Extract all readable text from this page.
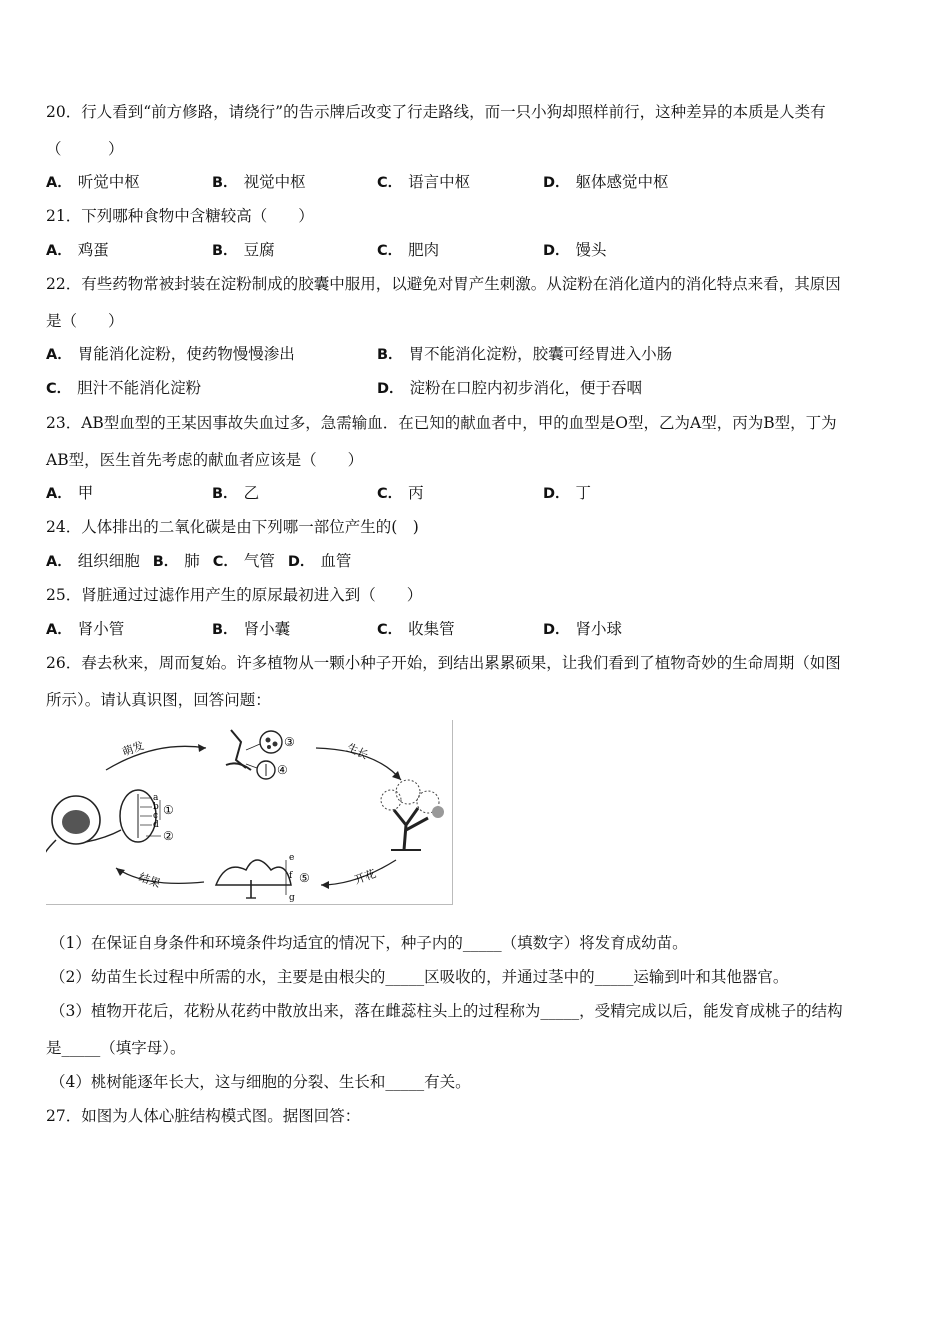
20．行人看到“前方修路，请绕行”的告示牌后改变了行走路线，而一只小狗却照样前行，这种差异的本质是人类有
（　　　）
A． 听觉中枢	B． 视觉中枢	C． 语言中枢	D． 躯体感觉中枢
21．下列哪种食物中含糖较高（　　）
A． 鸡蛋	B． 豆腐	C． 肥肉	D． 馒头
22．有些药物常被封装在淀粉制成的胶囊中服用，以避免对胃产生刺激。从淀粉在消化道内的消化特点来看，其原因
是（　　）
A． 胃能消化淀粉，使药物慢慢渗出	B． 胃不能消化淀粉，胶囊可经胃进入小肠
C． 胆汁不能消化淀粉	D． 淀粉在口腔内初步消化，便于吞咽
23．AB型血型的王某因事故失血过多，急需输血．在已知的献血者中，甲的血型是O型，乙为A型，丙为B型，丁为
AB型，医生首先考虑的献血者应该是（　　）
A． 甲	B． 乙	C． 丙	D． 丁
24．人体排出的二氧化碳是由下列哪一部位产生的(　)
A． 组织细胞 B． 肺 C． 气管 D． 血管
25．肾脏通过过滤作用产生的原尿最初进入到（　　）
A． 肾小管	B． 肾小囊	C． 收集管	D． 肾小球
26．春去秋来，周而复始。许多植物从一颗小种子开始，到结出累累硕果，让我们看到了植物奇妙的生命周期（如图
所示）。请认真识图，回答问题：
萌发	生长
开花
结果
a
b
c
d
①
②
③
④
e
f
g
⑤
（1）在保证自身条件和环境条件均适宜的情况下，种子内的_____（填数字）将发育成幼苗。
（2）幼苗生长过程中所需的水，主要是由根尖的_____区吸收的，并通过茎中的_____运输到叶和其他器官。
（3）植物开花后，花粉从花药中散放出来，落在雌蕊柱头上的过程称为_____，受精完成以后，能发育成桃子的结构
是_____（填字母）。
（4）桃树能逐年长大，这与细胞的分裂、生长和_____有关。
27．如图为人体心脏结构模式图。据图回答：
